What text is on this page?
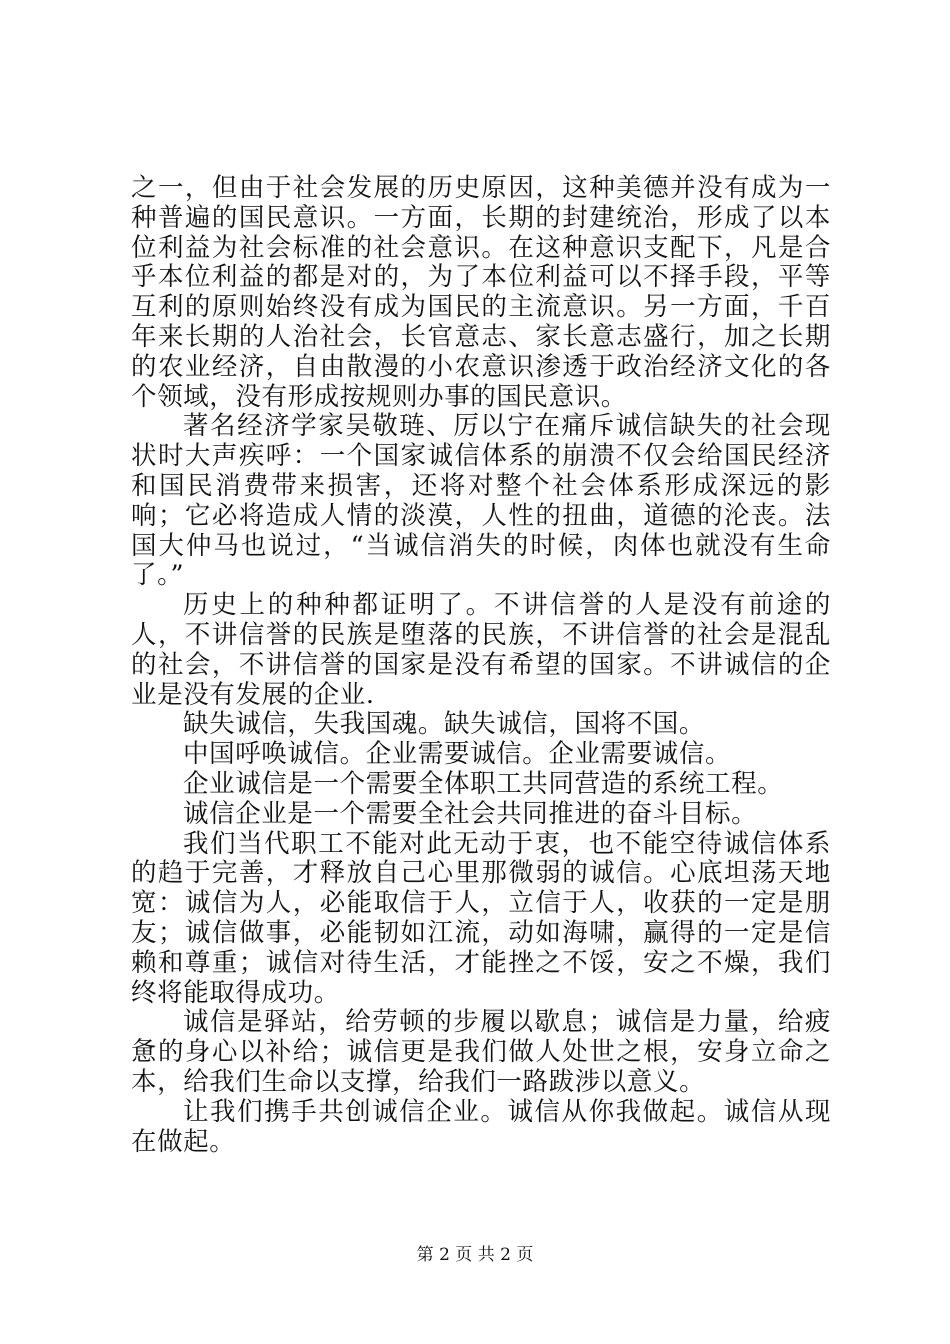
之一，但由于社会发展的历史原因，这种美德并没有成为一种普遍的国民意识。一方面，长期的封建统治，形成了以本位利益为社会标准的社会意识。在这种意识支配下，凡是合乎本位利益的都是对的，为了本位利益可以不择手段，平等互利的原则始终没有成为国民的主流意识。另一方面，千百年来长期的人治社会，长官意志、家长意志盛行，加之长期的农业经济，自由散漫的小农意识渗透于政治经济文化的各个领域，没有形成按规则办事的国民意识。

著名经济学家吴敬琏、厉以宁在痛斥诚信缺失的社会现状时大声疾呼：一个国家诚信体系的崩溃不仅会给国民经济和国民消费带来损害，还将对整个社会体系形成深远的影响；它必将造成人情的淡漠，人性的扭曲，道德的沦丧。法国大仲马也说过，“当诚信消失的时候，肉体也就没有生命了。”

历史上的种种都证明了。不讲信誉的人是没有前途的人，不讲信誉的民族是堕落的民族，不讲信誉的社会是混乱的社会，不讲信誉的国家是没有希望的国家。不讲诚信的企业是没有发展的企业.

缺失诚信，失我国魂。缺失诚信，国将不国。

中国呼唤诚信。企业需要诚信。企业需要诚信。

企业诚信是一个需要全体职工共同营造的系统工程。

诚信企业是一个需要全社会共同推进的奋斗目标。

我们当代职工不能对此无动于衷，也不能空待诚信体系的趋于完善，才释放自己心里那微弱的诚信。心底坦荡天地宽：诚信为人，必能取信于人，立信于人，收获的一定是朋友；诚信做事，必能韧如江流，动如海啸，赢得的一定是信赖和尊重；诚信对待生活，才能挫之不馁，安之不燥，我们终将能取得成功。

诚信是驿站，给劳顿的步履以歇息；诚信是力量，给疲惫的身心以补给；诚信更是我们做人处世之根，安身立命之本，给我们生命以支撑，给我们一路跋涉以意义。

让我们携手共创诚信企业。诚信从你我做起。诚信从现在做起。

第 2 页 共 2 页
